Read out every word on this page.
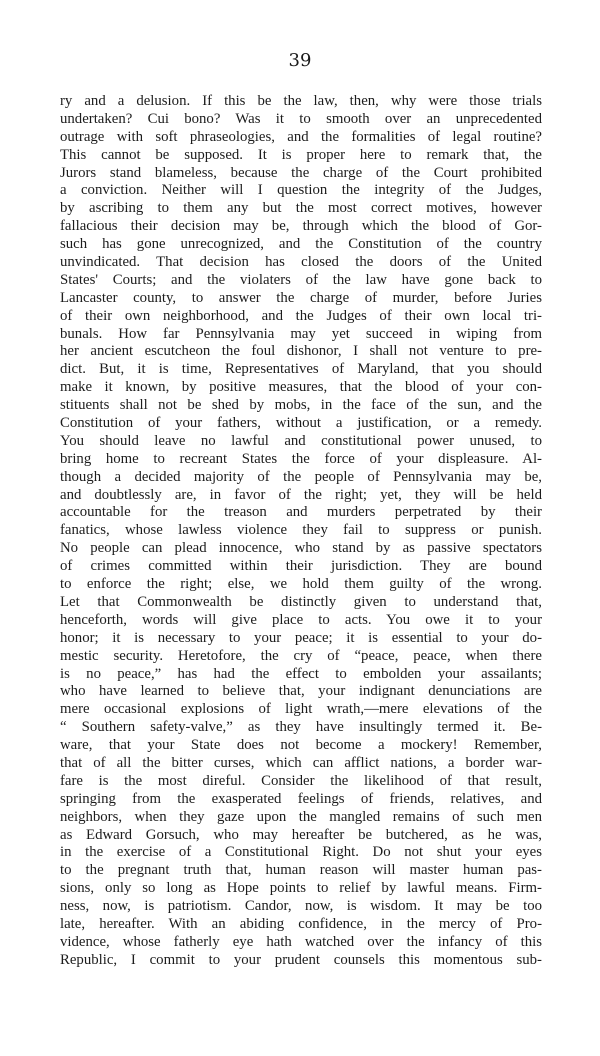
39
ry and a delusion. If this be the law, then, why were those trials
undertaken? Cui bono? Was it to smooth over an unprecedented
outrage with soft phraseologies, and the formalities of legal routine?
This cannot be supposed. It is proper here to remark that, the
Jurors stand blameless, because the charge of the Court prohibited
a conviction. Neither will I question the integrity of the Judges,
by ascribing to them any but the most correct motives, however
fallacious their decision may be, through which the blood of Gor-
such has gone unrecognized, and the Constitution of the country
unvindicated. That decision has closed the doors of the United
States' Courts; and the violaters of the law have gone back to
Lancaster county, to answer the charge of murder, before Juries
of their own neighborhood, and the Judges of their own local tri-
bunals. How far Pennsylvania may yet succeed in wiping from
her ancient escutcheon the foul dishonor, I shall not venture to pre-
dict. But, it is time, Representatives of Maryland, that you should
make it known, by positive measures, that the blood of your con-
stituents shall not be shed by mobs, in the face of the sun, and the
Constitution of your fathers, without a justification, or a remedy.
You should leave no lawful and constitutional power unused, to
bring home to recreant States the force of your displeasure. Al-
though a decided majority of the people of Pennsylvania may be,
and doubtlessly are, in favor of the right; yet, they will be held
accountable for the treason and murders perpetrated by their
fanatics, whose lawless violence they fail to suppress or punish.
No people can plead innocence, who stand by as passive spectators
of crimes committed within their jurisdiction. They are bound
to enforce the right; else, we hold them guilty of the wrong.
Let that Commonwealth be distinctly given to understand that,
henceforth, words will give place to acts. You owe it to your
honor; it is necessary to your peace; it is essential to your do-
mestic security. Heretofore, the cry of “peace, peace, when there
is no peace,” has had the effect to embolden your assailants;
who have learned to believe that, your indignant denunciations are
mere occasional explosions of light wrath,—mere elevations of the
“ Southern safety-valve,” as they have insultingly termed it. Be-
ware, that your State does not become a mockery! Remember,
that of all the bitter curses, which can afflict nations, a border war-
fare is the most direful. Consider the likelihood of that result,
springing from the exasperated feelings of friends, relatives, and
neighbors, when they gaze upon the mangled remains of such men
as Edward Gorsuch, who may hereafter be butchered, as he was,
in the exercise of a Constitutional Right. Do not shut your eyes
to the pregnant truth that, human reason will master human pas-
sions, only so long as Hope points to relief by lawful means. Firm-
ness, now, is patriotism. Candor, now, is wisdom. It may be too
late, hereafter. With an abiding confidence, in the mercy of Pro-
vidence, whose fatherly eye hath watched over the infancy of this
Republic, I commit to your prudent counsels this momentous sub-
